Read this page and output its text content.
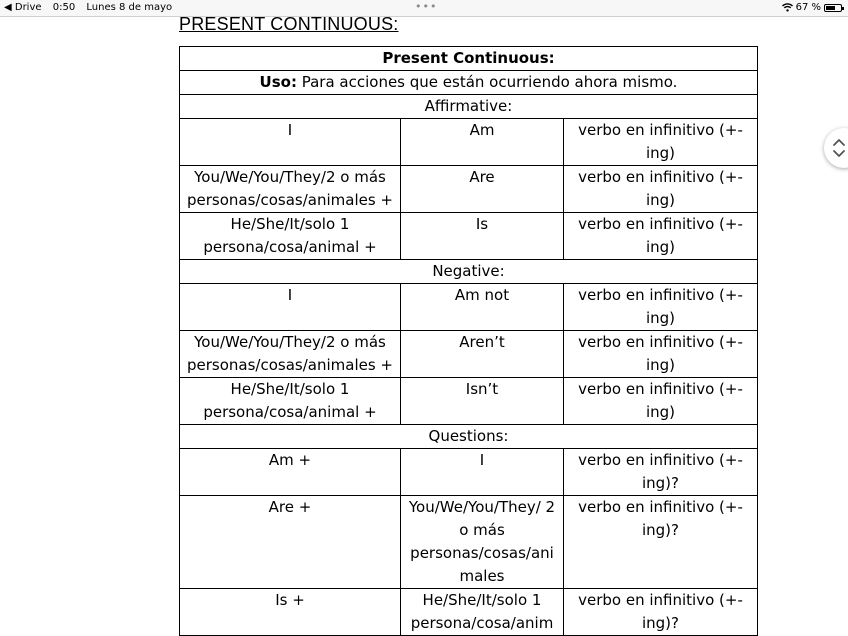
◀ Drive 0:50 Lunes 8 de mayo	•••	67 %
PRESENT CONTINUOUS:
Present Continuous:		
Uso: Para acciones que están ocurriendo ahora mismo.		
Affirmative:		
I	Am	verbo en infinitivo (+-ing)
You/We/You/They/2 o más personas/cosas/animales +	Are	verbo en infinitivo (+-ing)
He/She/It/solo 1 persona/cosa/animal +	Is	verbo en infinitivo (+-ing)
Negative:		
I	Am not	verbo en infinitivo (+-ing)
You/We/You/They/2 o más personas/cosas/animales +	Aren’t	verbo en infinitivo (+-ing)
He/She/It/solo 1 persona/cosa/animal +	Isn’t	verbo en infinitivo (+-ing)
Questions:		
Am +	I	verbo en infinitivo (+-ing)?
Are +	You/We/You/They/ 2 o más personas/cosas/ani males	verbo en infinitivo (+-ing)?
Is +	He/She/It/solo 1 persona/cosa/anim	verbo en infinitivo (+-ing)?
